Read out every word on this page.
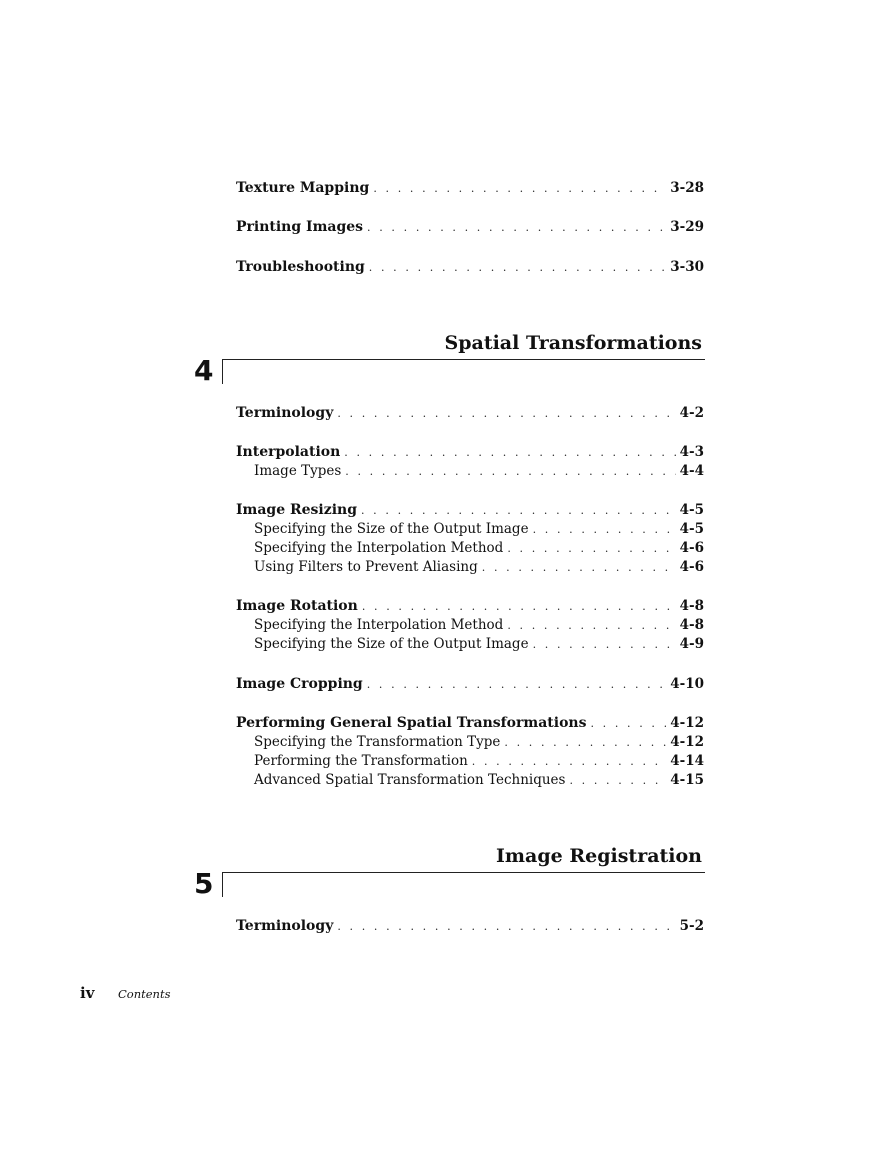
Texture Mapping . . .	3-28
Printing Images . . .	3-29
Troubleshooting . . .	3-30
Spatial Transformations
4
Terminology . . .	4-2
Interpolation . . .	4-3
Image Types . . .	4-4
Image Resizing . . .	4-5
Specifying the Size of the Output Image . . .	4-5
Specifying the Interpolation Method . . .	4-6
Using Filters to Prevent Aliasing . . .	4-6
Image Rotation . . .	4-8
Specifying the Interpolation Method . . .	4-8
Specifying the Size of the Output Image . . .	4-9
Image Cropping . . .	4-10
Performing General Spatial Transformations . . .	4-12
Specifying the Transformation Type . . .	4-12
Performing the Transformation . . .	4-14
Advanced Spatial Transformation Techniques . . .	4-15
Image Registration
5
Terminology . . .	5-2
iv Contents
